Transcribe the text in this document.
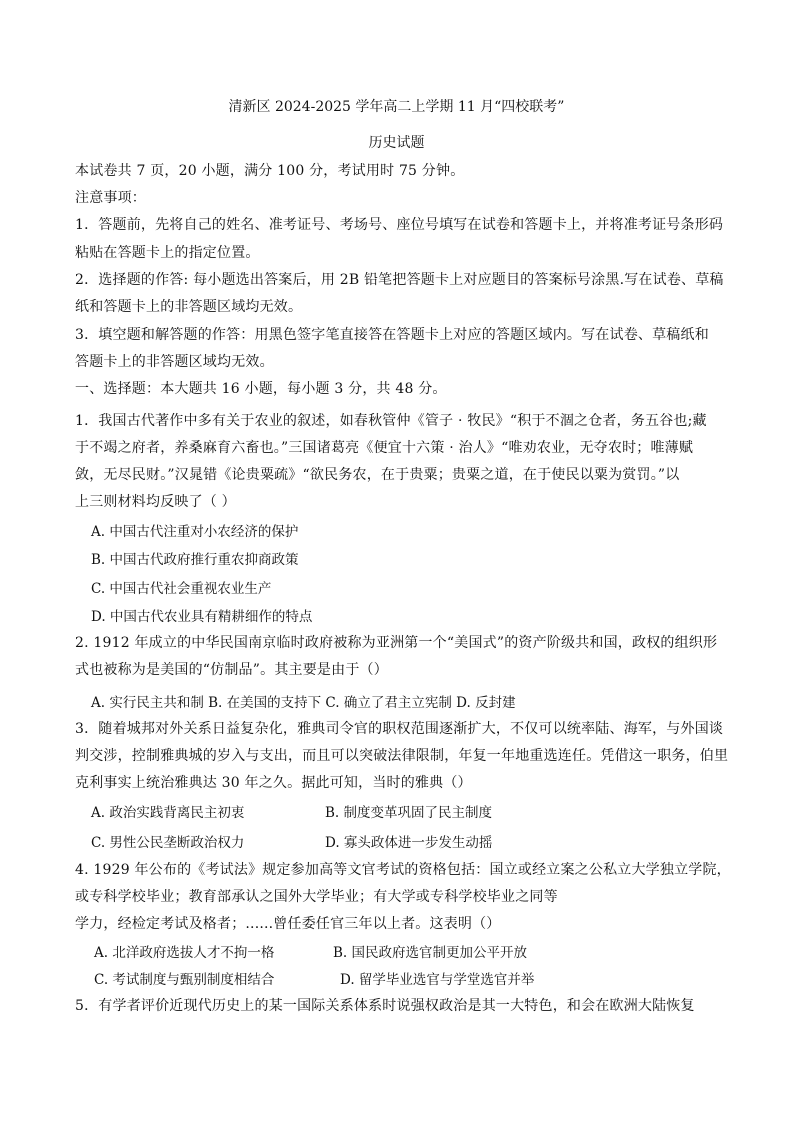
清新区 2024-2025 学年高二上学期 11 月“四校联考”
历史试题
本试卷共 7 页，20 小题，满分 100 分，考试用时 75 分钟。
注意事项：
1．答题前，先将自己的姓名、准考证号、考场号、座位号填写在试卷和答题卡上，并将准考证号条形码
粘贴在答题卡上的指定位置。
2．选择题的作答: 每小题选出答案后，用 2B 铅笔把答题卡上对应题目的答案标号涂黑.写在试卷、草稿
纸和答题卡上的非答题区域均无效。
3．填空题和解答题的作答：用黑色签字笔直接答在答题卡上对应的答题区域内。写在试卷、草稿纸和
答题卡上的非答题区域均无效。
一、选择题：本大题共 16 小题，每小题 3 分，共 48 分。
1．我国古代著作中多有关于农业的叙述，如春秋管仲《管子 · 牧民》“积于不涸之仓者，务五谷也;藏
于不竭之府者，养桑麻育六畜也。”三国诸葛亮《便宜十六策 · 治人》“唯劝农业，无夺农时；唯薄赋
敛，无尽民财。”汉晁错《论贵粟疏》“欲民务农，在于贵粟；贵粟之道，在于使民以粟为赏罚。”以
上三则材料均反映了（ ）
A. 中国古代注重对小农经济的保护
B. 中国古代政府推行重农抑商政策
C. 中国古代社会重视农业生产
D. 中国古代农业具有精耕细作的特点
2. 1912 年成立的中华民国南京临时政府被称为亚洲第一个“美国式”的资产阶级共和国，政权的组织形
式也被称为是美国的“仿制品”。其主要是由于（）
A. 实行民主共和制 B. 在美国的支持下 C. 确立了君主立宪制 D. 反封建
3．随着城邦对外关系日益复杂化，雅典司令官的职权范围逐渐扩大，不仅可以统率陆、海军，与外国谈
判交涉，控制雅典城的岁入与支出，而且可以突破法律限制，年复一年地重选连任。凭借这一职务，伯里
克利事实上统治雅典达 30 年之久。据此可知，当时的雅典（）
A. 政治实践背离民主初衷	B. 制度变革巩固了民主制度
C. 男性公民垄断政治权力	D. 寡头政体进一步发生动摇
4. 1929 年公布的《考试法》规定参加高等文官考试的资格包括：国立或经立案之公私立大学独立学院，
或专科学校毕业；教育部承认之国外大学毕业；有大学或专科学校毕业之同等
学力，经检定考试及格者；......曾任委任官三年以上者。这表明（）
A. 北洋政府选拔人才不拘一格	B. 国民政府选官制更加公平开放
C. 考试制度与甄别制度相结合	D. 留学毕业选官与学堂选官并举
5．有学者评价近现代历史上的某一国际关系体系时说强权政治是其一大特色，和会在欧洲大陆恢复
